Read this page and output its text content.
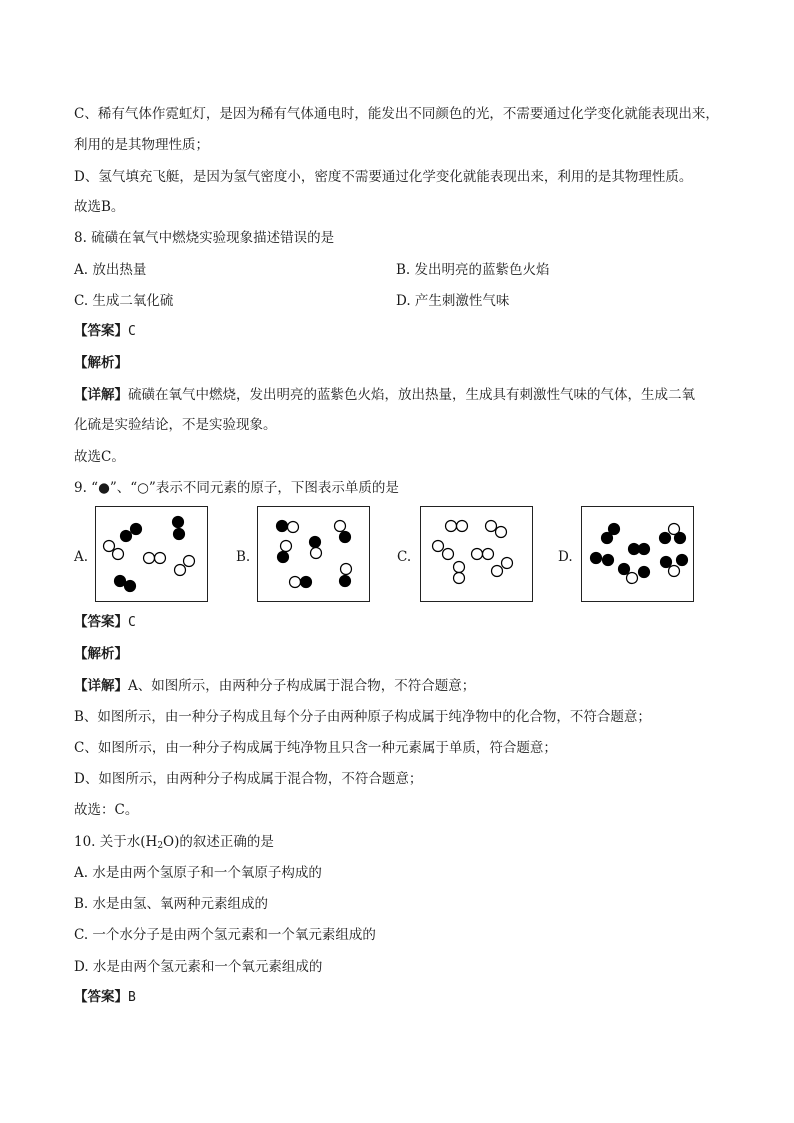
C、稀有气体作霓虹灯，是因为稀有气体通电时，能发出不同颜色的光，不需要通过化学变化就能表现出来，
利用的是其物理性质；
D、氢气填充飞艇，是因为氢气密度小，密度不需要通过化学变化就能表现出来，利用的是其物理性质。
故选B。
8. 硫磺在氧气中燃烧实验现象描述错误的是
A. 放出热量	B. 发出明亮的蓝紫色火焰
C. 生成二氧化硫	D. 产生刺激性气味
【答案】C
【解析】
【详解】硫磺在氧气中燃烧，发出明亮的蓝紫色火焰，放出热量，生成具有刺激性气味的气体，生成二氧
化硫是实验结论，不是实验现象。
故选C。
9. “●”、“○”表示不同元素的原子，下图表示单质的是
A.	B.	C.	D.
【答案】C
【解析】
【详解】A、如图所示，由两种分子构成属于混合物，不符合题意；
B、如图所示，由一种分子构成且每个分子由两种原子构成属于纯净物中的化合物，不符合题意；
C、如图所示，由一种分子构成属于纯净物且只含一种元素属于单质，符合题意；
D、如图所示，由两种分子构成属于混合物，不符合题意；
故选：C。
10. 关于水$(H_2O)$的叙述正确的是
A. 水是由两个氢原子和一个氧原子构成的
B. 水是由氢、氧两种元素组成的
C. 一个水分子是由两个氢元素和一个氧元素组成的
D. 水是由两个氢元素和一个氧元素组成的
【答案】B
